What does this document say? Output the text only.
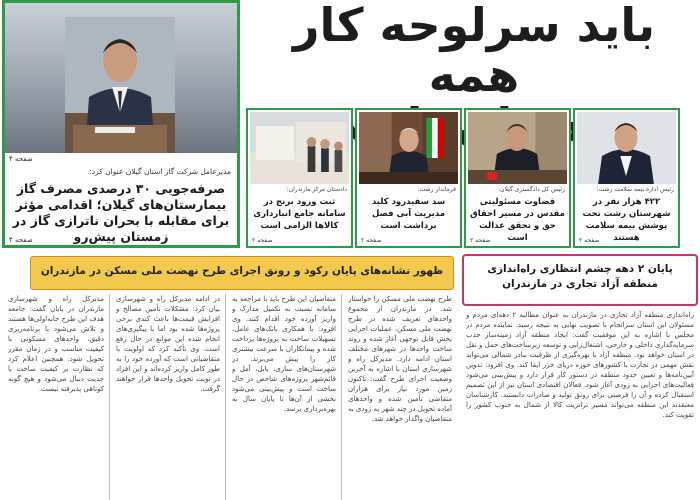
باید سرلوحه کار همه
صفحه ۴
مدیرعامل شرکت گاز استان گیلان عنوان کرد:
صرفه‌جویی ۳۰ درصدی مصرف گاز بیمارستان‌های گیلان؛ اقدامی مؤثر برای مقابله با بحران ناترازی گاز در زمستان پیش‌رو
صفحه ۴
دادستان مرکز مازندران:
ثبت ورود برنج در سامانه جامع انبارداری کالاها الزامی است
صفحه ۲
فرماندار رشت:
سد سفیدرود کلید مدیریت آبی فصل برداشت است
صفحه ۲
رئیس کل دادگستری گیلان:
قضاوت مسئولیتی مقدس در مسیر احقاق حق و تحقق عدالت است
صفحه ۲
رئیس اداره بیمه سلامت رشت:
۴۲۲ هزار نفر در شهرستان رشت تحت پوشش بیمه سلامت هستند
صفحه ۲
ظهور نشانه‌های پایان رکود و رونق اجرای طرح نهضت ملی مسکن در مازندران
طرح نهضت ملی مسکن را خواستار شد. در مازندران از مجموع واحدهای تعریف شده در طرح نهضت ملی مسکن، عملیات اجرایی بخش قابل توجهی آغاز شده و روند ساخت واحدها در شهرهای مختلف استان ادامه دارد. مدیرکل راه و شهرسازی استان با اشاره به آخرین وضعیت اجرای طرح گفت: تاکنون زمین مورد نیاز برای هزاران متقاضی تأمین شده و واحدهای آماده تحویل در چند شهر به زودی به متقاضیان واگذار خواهد شد.
متقاضیان این طرح باید با مراجعه به سامانه نسبت به تکمیل مدارک و واریز آورده خود اقدام کنند. وی افزود: با همکاری بانک‌های عامل، تسهیلات ساخت به پروژه‌ها پرداخت شده و پیمانکاران با سرعت بیشتری کار را پیش می‌برند. در شهرستان‌های ساری، بابل، آمل و قائم‌شهر پروژه‌های شاخص در حال ساخت است و پیش‌بینی می‌شود بخشی از آن‌ها تا پایان سال به بهره‌برداری برسد.
در ادامه مدیرکل راه و شهرسازی بیان کرد: مشکلات تأمین مصالح و افزایش قیمت‌ها باعث کندی برخی پروژه‌ها شده بود اما با پیگیری‌های انجام شده این موانع در حال رفع است. وی تأکید کرد که اولویت با متقاضیانی است که آورده خود را به طور کامل واریز کرده‌اند و این افراد در نوبت تحویل واحدها قرار خواهند گرفت.
مدیرکل راه و شهرسازی مازندران در پایان گفت: جامعه هدف این طرح خانه‌اولی‌ها هستند و تلاش می‌شود با برنامه‌ریزی دقیق، واحدهای مسکونی با کیفیت مناسب و در زمان مقرر تحویل شود. همچنین اعلام کرد که نظارت بر کیفیت ساخت با جدیت دنبال می‌شود و هیچ گونه کوتاهی پذیرفته نیست.
پایان ۲ دهه چشم انتظاری راه‌اندازی منطقه آزاد تجاری در مازندران
راه‌اندازی منطقه آزاد تجاری در مازندران به عنوان مطالبه ۲ دهه‌ای مردم و مسئولان این استان سرانجام با تصویب نهایی به نتیجه رسید. نماینده مردم در مجلس با اشاره به این موفقیت گفت: ایجاد منطقه آزاد زمینه‌ساز جذب سرمایه‌گذاری داخلی و خارجی، اشتغال‌زایی و توسعه زیرساخت‌های حمل و نقل در استان خواهد بود. منطقه آزاد با بهره‌گیری از ظرفیت بنادر شمالی می‌تواند نقش مهمی در تجارت با کشورهای حوزه دریای خزر ایفا کند. وی افزود: تدوین آیین‌نامه‌ها و تعیین حدود منطقه در دستور کار قرار دارد و پیش‌بینی می‌شود فعالیت‌های اجرایی به زودی آغاز شود. فعالان اقتصادی استان نیز از این تصمیم استقبال کرده و آن را فرصتی برای رونق تولید و صادرات دانستند. کارشناسان معتقدند این منطقه می‌تواند مسیر ترانزیت کالا از شمال به جنوب کشور را تقویت کند.
